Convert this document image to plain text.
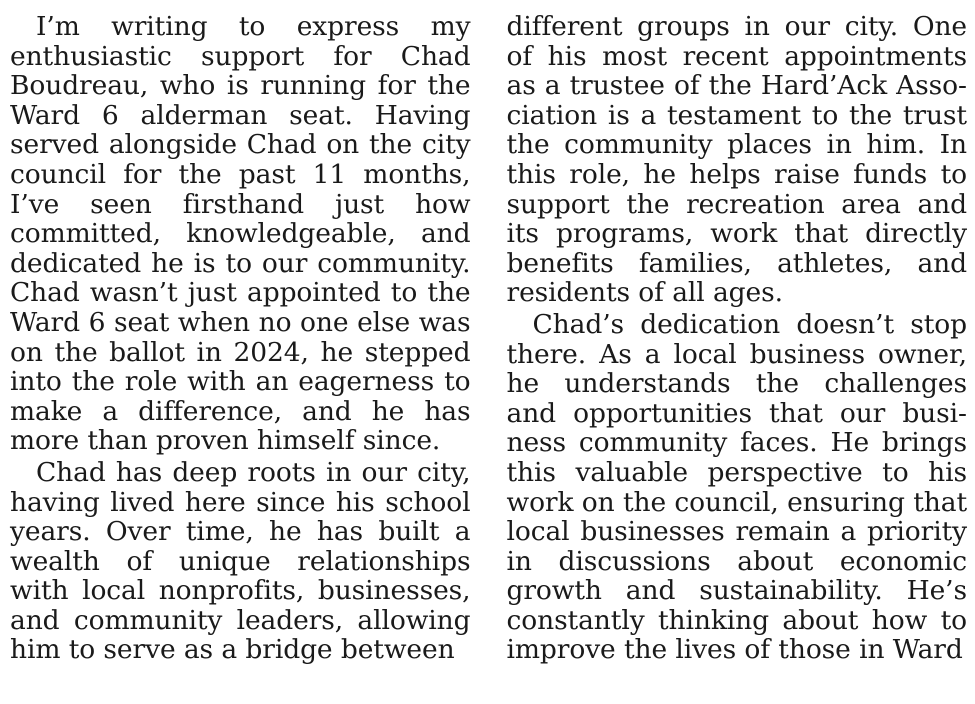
I’m writing to express my enthusiastic support for Chad Boudreau, who is running for the Ward 6 alderman seat. Having served alongside Chad on the city council for the past 11 months, I’ve seen firsthand just how committed, knowledgeable, and dedicated he is to our community. Chad wasn’t just appointed to the Ward 6 seat when no one else was on the ballot in 2024, he stepped into the role with an eagerness to make a difference, and he has more than proven himself since.

Chad has deep roots in our city, having lived here since his school years. Over time, he has built a wealth of unique relationships with local nonprofits, businesses, and community leaders, allowing him to serve as a bridge between

different groups in our city. One of his most recent appointments as a trustee of the Hard’Ack Association is a testament to the trust the community places in him. In this role, he helps raise funds to support the recreation area and its programs, work that directly benefits families, athletes, and residents of all ages.

Chad’s dedication doesn’t stop there. As a local business owner, he understands the challenges and opportunities that our business community faces. He brings this valuable perspective to his work on the council, ensuring that local businesses remain a priority in discussions about economic growth and sustainability. He’s constantly thinking about how to improve the lives of those in Ward
